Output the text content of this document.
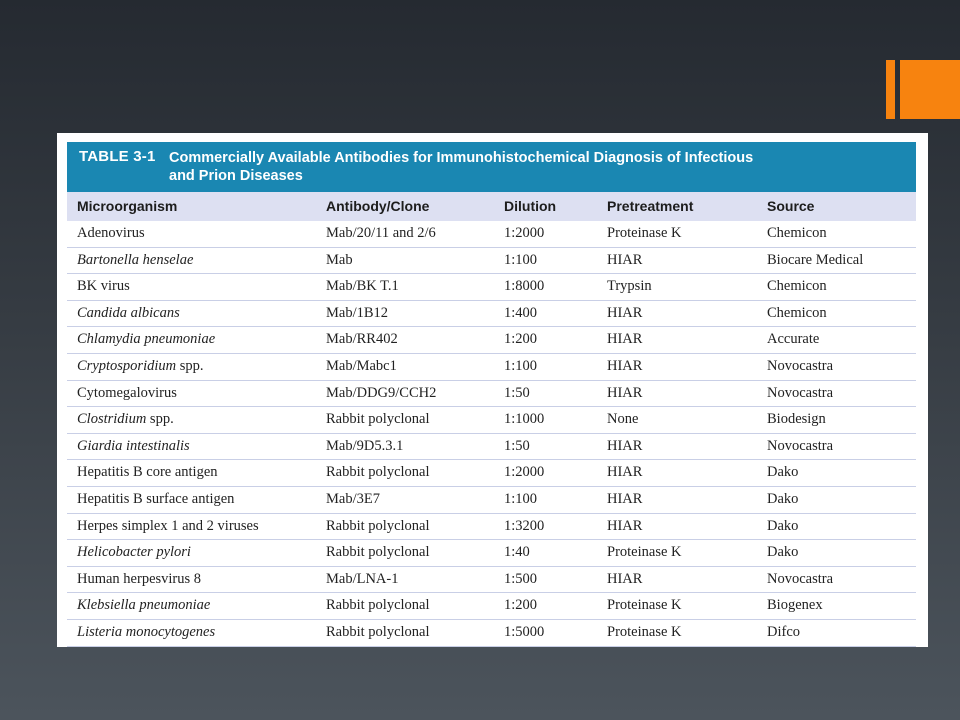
TABLE 3-1 Commercially Available Antibodies for Immunohistochemical Diagnosis of Infectious
and Prion Diseases
Microorganism	Antibody/Clone	Dilution	Pretreatment	Source
Adenovirus	Mab/20/11 and 2/6	1:2000	Proteinase K	Chemicon
Bartonella henselae	Mab	1:100	HIAR	Biocare Medical
BK virus	Mab/BK T.1	1:8000	Trypsin	Chemicon
Candida albicans	Mab/1B12	1:400	HIAR	Chemicon
Chlamydia pneumoniae	Mab/RR402	1:200	HIAR	Accurate
Cryptosporidium spp.	Mab/Mabc1	1:100	HIAR	Novocastra
Cytomegalovirus	Mab/DDG9/CCH2	1:50	HIAR	Novocastra
Clostridium spp.	Rabbit polyclonal	1:1000	None	Biodesign
Giardia intestinalis	Mab/9D5.3.1	1:50	HIAR	Novocastra
Hepatitis B core antigen	Rabbit polyclonal	1:2000	HIAR	Dako
Hepatitis B surface antigen	Mab/3E7	1:100	HIAR	Dako
Herpes simplex 1 and 2 viruses	Rabbit polyclonal	1:3200	HIAR	Dako
Helicobacter pylori	Rabbit polyclonal	1:40	Proteinase K	Dako
Human herpesvirus 8	Mab/LNA-1	1:500	HIAR	Novocastra
Klebsiella pneumoniae	Rabbit polyclonal	1:200	Proteinase K	Biogenex
Listeria monocytogenes	Rabbit polyclonal	1:5000	Proteinase K	Difco
